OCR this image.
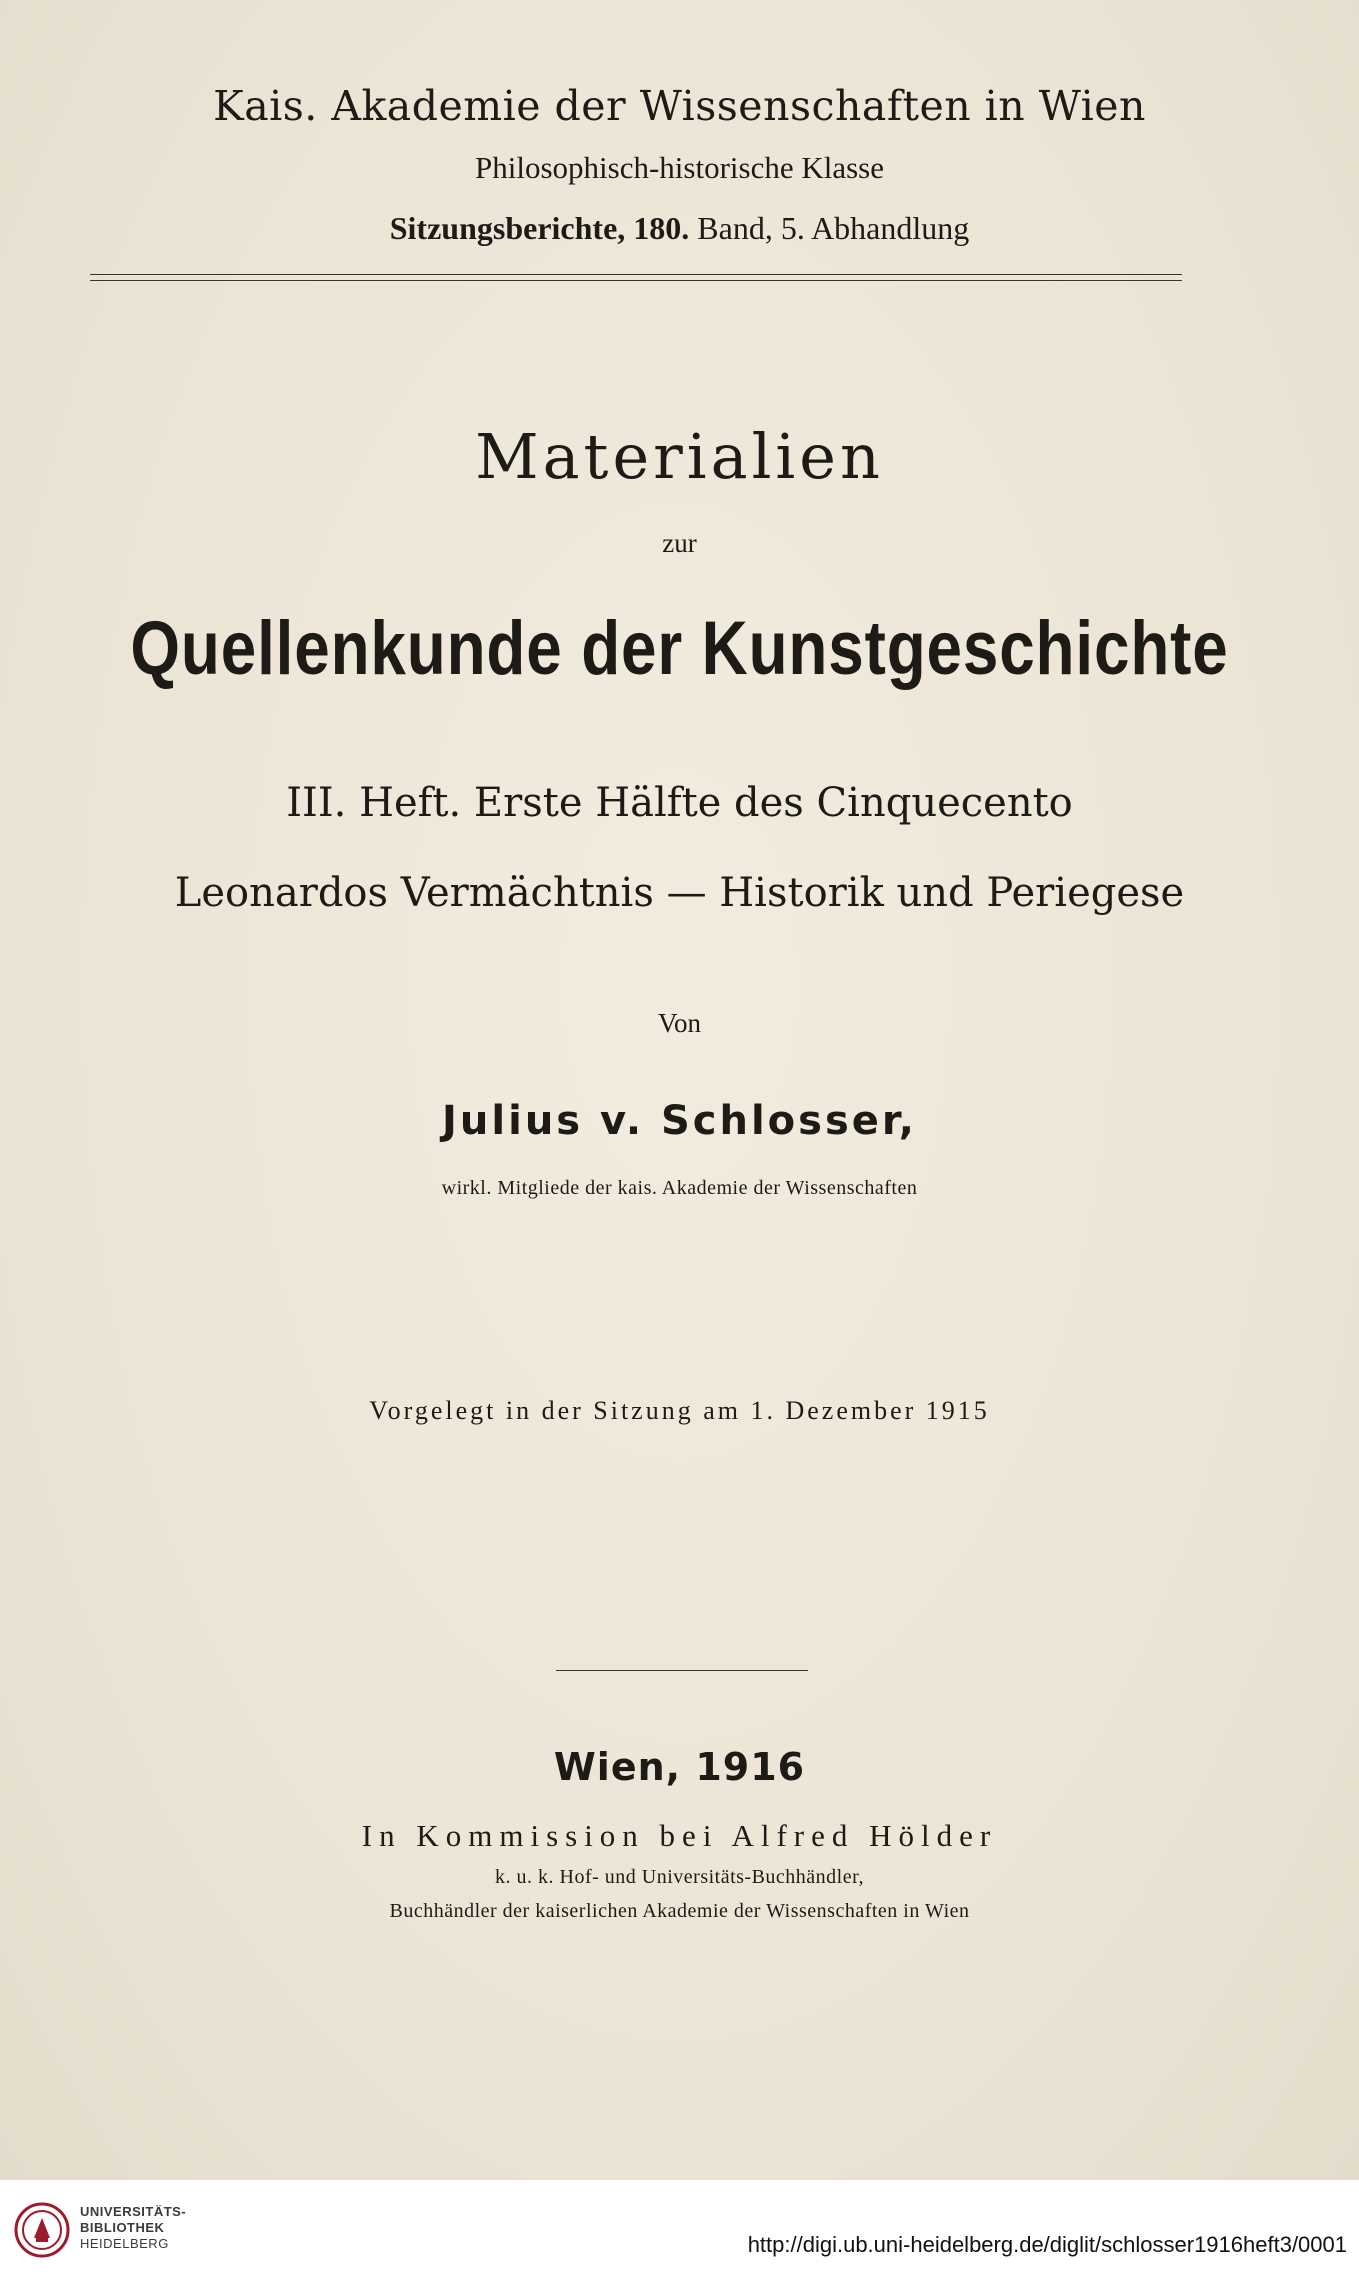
Kais. Akademie der Wissenschaften in Wien
Philosophisch-historische Klasse
Sitzungsberichte, 180. Band, 5. Abhandlung
Materialien
zur
Quellenkunde der Kunstgeschichte
III. Heft. Erste Hälfte des Cinquecento
Leonardos Vermächtnis — Historik und Periegese
Von
Julius v. Schlosser,
wirkl. Mitgliede der kais. Akademie der Wissenschaften
Vorgelegt in der Sitzung am 1. Dezember 1915
Wien, 1916
In Kommission bei Alfred Hölder
k. u. k. Hof- und Universitäts-Buchhändler,
Buchhändler der kaiserlichen Akademie der Wissenschaften in Wien
UNIVERSITÄTS-
BIBLIOTHEK
HEIDELBERG	http://digi.ub.uni-heidelberg.de/diglit/schlosser1916heft3/0001
